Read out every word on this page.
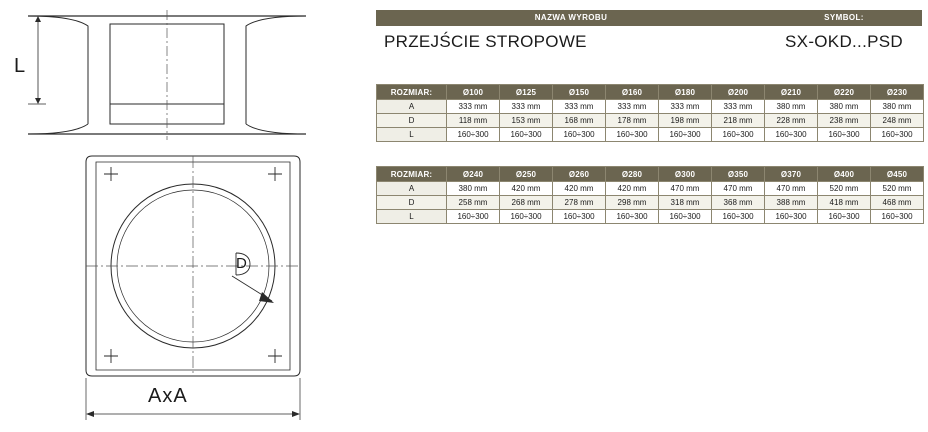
L
D
AxA
NAZWA WYROBU	SYMBOL:
PRZEJŚCIE STROPOWE	SX-OKD...PSD
ROZMIAR:	Ø100	Ø125	Ø150	Ø160	Ø180	Ø200	Ø210	Ø220	Ø230
A	333 mm	333 mm	333 mm	333 mm	333 mm	333 mm	380 mm	380 mm	380 mm
D	118 mm	153 mm	168 mm	178 mm	198 mm	218 mm	228 mm	238 mm	248 mm
L	160÷300	160÷300	160÷300	160÷300	160÷300	160÷300	160÷300	160÷300	160÷300
ROZMIAR:	Ø240	Ø250	Ø260	Ø280	Ø300	Ø350	Ø370	Ø400	Ø450
A	380 mm	420 mm	420 mm	420 mm	470 mm	470 mm	470 mm	520 mm	520 mm
D	258 mm	268 mm	278 mm	298 mm	318 mm	368 mm	388 mm	418 mm	468 mm
L	160÷300	160÷300	160÷300	160÷300	160÷300	160÷300	160÷300	160÷300	160÷300
